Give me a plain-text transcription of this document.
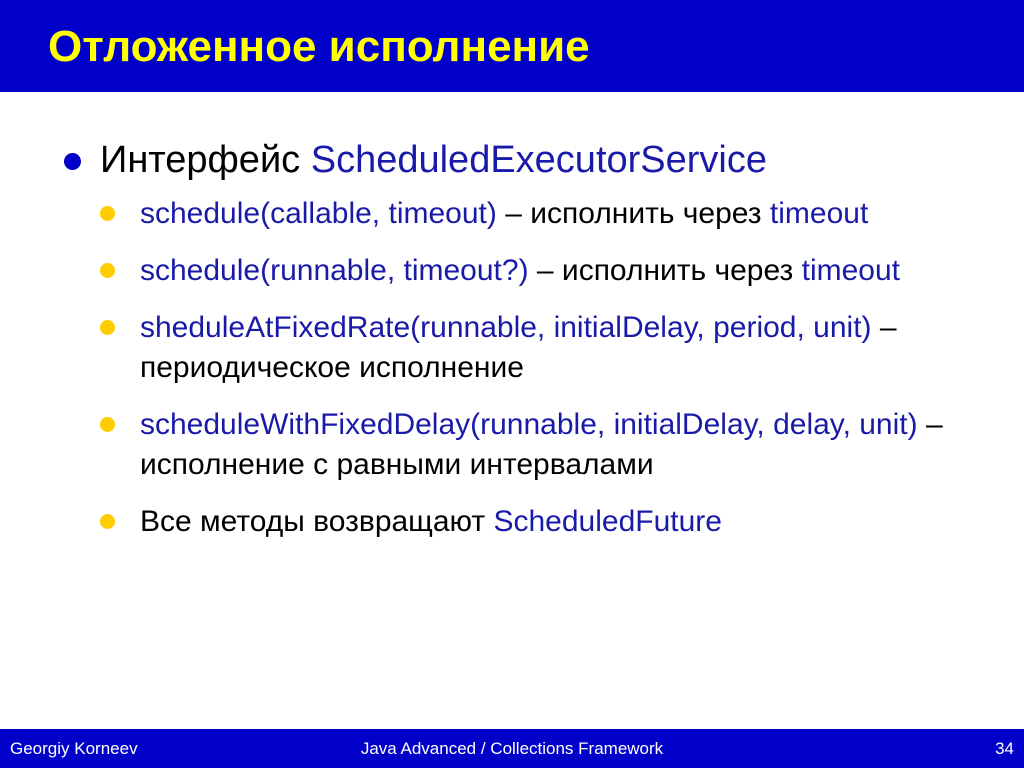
Отложенное исполнение
Интерфейс ScheduledExecutorService
schedule(callable, timeout) – исполнить через timeout
schedule(runnable, timeout?) – исполнить через timeout
sheduleAtFixedRate(runnable, initialDelay, period, unit) – периодическое исполнение
scheduleWithFixedDelay(runnable, initialDelay, delay, unit) – исполнение с равными интервалами
Все методы возвращают ScheduledFuture
Georgiy Korneev	Java Advanced / Collections Framework	34
